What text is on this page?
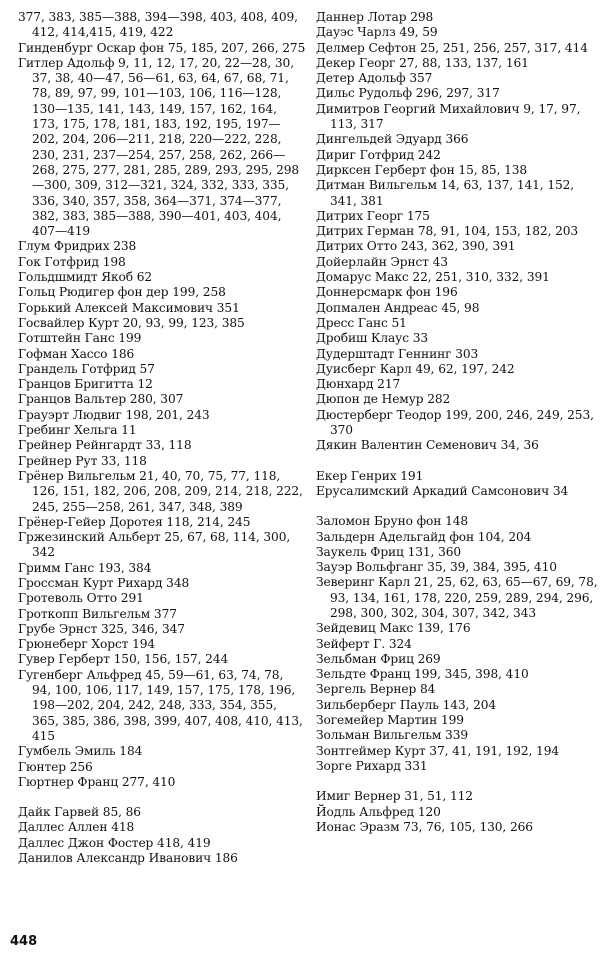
377, 383, 385—388, 394—398, 403, 408, 409, 412, 414,415, 419, 422
Гинденбург Оскар фон 75, 185, 207, 266, 275
Гитлер Адольф 9, 11, 12, 17, 20, 22—28, 30, 37, 38, 40—47, 56—61, 63, 64, 67, 68, 71, 78, 89, 97, 99, 101—103, 106, 116—128, 130—135, 141, 143, 149, 157, 162, 164, 173, 175, 178, 181, 183, 192, 195, 197—202, 204, 206—211, 218, 220—222, 228, 230, 231, 237—254, 257, 258, 262, 266—268, 275, 277, 281, 285, 289, 293, 295, 298—300, 309, 312—321, 324, 332, 333, 335, 336, 340, 357, 358, 364—371, 374—377, 382, 383, 385—388, 390—401, 403, 404, 407—419
Глум Фридрих 238
Гок Готфрид 198
Гольдшмидт Якоб 62
Гольц Рюдигер фон дер 199, 258
Горький Алексей Максимович 351
Госвайлер Курт 20, 93, 99, 123, 385
Готштейн Ганс 199
Гофман Хассо 186
Грандель Готфрид 57
Гранцов Бригитта 12
Гранцов Вальтер 280, 307
Грауэрт Людвиг 198, 201, 243
Гребинг Хельга 11
Грейнер Рейнгардт 33, 118
Грейнер Рут 33, 118
Грёнер Вильгельм 21, 40, 70, 75, 77, 118, 126, 151, 182, 206, 208, 209, 214, 218, 222, 245, 255—258, 261, 347, 348, 389
Грёнер-Гейер Доротея 118, 214, 245
Гржезинский Альберт 25, 67, 68, 114, 300, 342
Гримм Ганс 193, 384
Гроссман Курт Рихард 348
Гротеволь Отто 291
Гроткопп Вильгельм 377
Грубе Эрнст 325, 346, 347
Грюнеберг Хорст 194
Гувер Герберт 150, 156, 157, 244
Гугенберг Альфред 45, 59—61, 63, 74, 78, 94, 100, 106, 117, 149, 157, 175, 178, 196, 198—202, 204, 242, 248, 333, 354, 355, 365, 385, 386, 398, 399, 407, 408, 410, 413, 415
Гумбель Эмиль 184
Гюнтер 256
Гюртнер Франц 277, 410
Дайк Гарвей 85, 86
Даллес Аллен 418
Даллес Джон Фостер 418, 419
Данилов Александр Иванович 186
Даннер Лотар 298
Дауэс Чарлз 49, 59
Делмер Сефтон 25, 251, 256, 257, 317, 414
Декер Георг 27, 88, 133, 137, 161
Детер Адольф 357
Дильс Рудольф 296, 297, 317
Димитров Георгий Михайлович 9, 17, 97, 113, 317
Дингельдей Эдуард 366
Дириг Готфрид 242
Дирксен Герберт фон 15, 85, 138
Дитман Вильгельм 14, 63, 137, 141, 152, 341, 381
Дитрих Георг 175
Дитрих Герман 78, 91, 104, 153, 182, 203
Дитрих Отто 243, 362, 390, 391
Дойерлайн Эрнст 43
Домарус Макс 22, 251, 310, 332, 391
Доннерсмарк фон 196
Допмален Андреас 45, 98
Дресс Ганс 51
Дробиш Клаус 33
Дудерштадт Геннинг 303
Дуисберг Карл 49, 62, 197, 242
Дюнхард 217
Дюпон де Немур 282
Дюстерберг Теодор 199, 200, 246, 249, 253, 370
Дякин Валентин Семенович 34, 36
Екер Генрих 191
Ерусалимский Аркадий Самсонович 34
Заломон Бруно фон 148
Зальдерн Адельгайд фон 104, 204
Заукель Фриц 131, 360
Зауэр Вольфганг 35, 39, 384, 395, 410
Зеверинг Карл 21, 25, 62, 63, 65—67, 69, 78, 93, 134, 161, 178, 220, 259, 289, 294, 296, 298, 300, 302, 304, 307, 342, 343
Зейдевиц Макс 139, 176
Зейферт Г. 324
Зельбман Фриц 269
Зельдте Франц 199, 345, 398, 410
Зергель Вернер 84
Зильберберг Пауль 143, 204
Зогемейер Мартин 199
Зольман Вильгельм 339
Зонтгеймер Курт 37, 41, 191, 192, 194
Зорге Рихард 331
Имиг Вернер 31, 51, 112
Йодль Альфред 120
Ионас Эразм 73, 76, 105, 130, 266
448
